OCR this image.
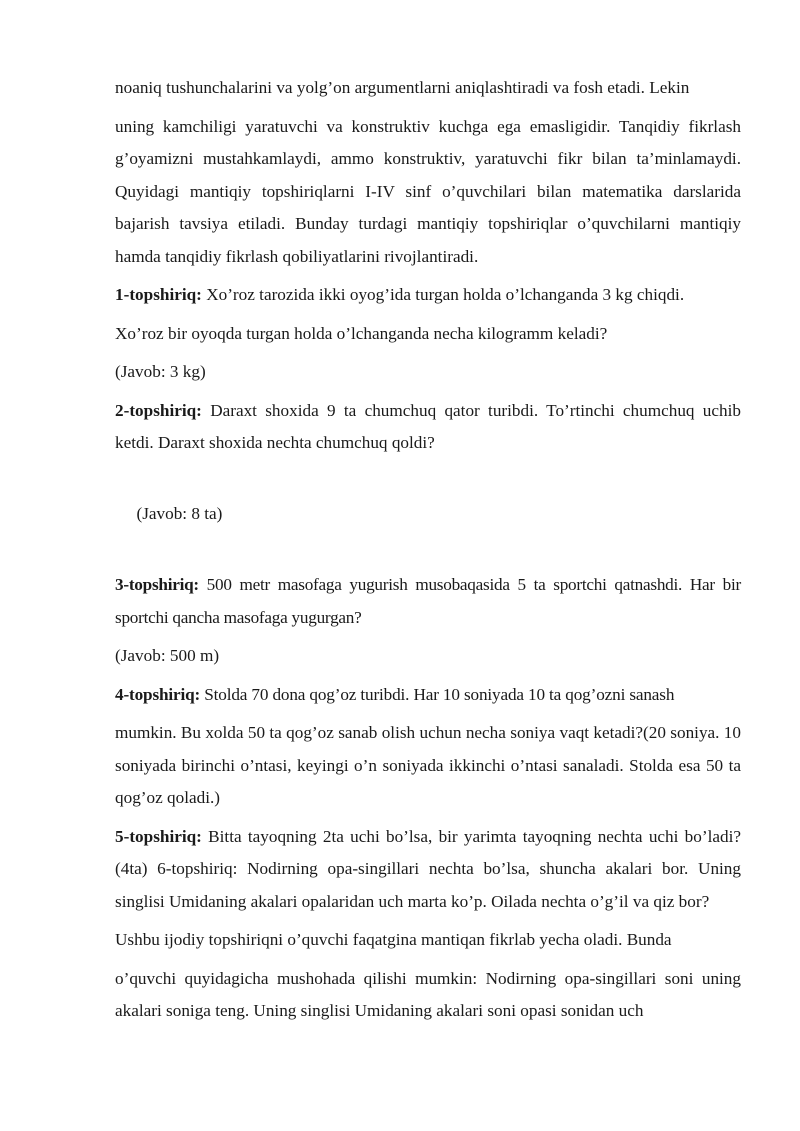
noaniq tushunchalarini va yolg’on argumentlarni aniqlashtiradi va fosh etadi. Lekin

uning kamchiligi yaratuvchi va konstruktiv kuchga ega emasligidir. Tanqidiy fikrlash g’oyamizni mustahkamlaydi, ammo konstruktiv, yaratuvchi fikr bilan ta’minlamaydi. Quyidagi mantiqiy topshiriqlarni I-IV sinf o’quvchilari bilan matematika darslarida bajarish tavsiya etiladi. Bunday turdagi mantiqiy topshiriqlar o’quvchilarni mantiqiy hamda tanqidiy fikrlash qobiliyatlarini rivojlantiradi.

1-topshiriq: Xo’roz tarozida ikki oyog’ida turgan holda o’lchanganda 3 kg chiqdi.

Xo’roz bir oyoqda turgan holda o’lchanganda necha kilogramm keladi?

(Javob: 3 kg)

2-topshiriq: Daraxt shoxida 9 ta chumchuq qator turibdi. To’rtinchi chumchuq uchib ketdi. Daraxt shoxida nechta chumchuq qoldi?

(Javob: 8 ta)

3-topshiriq: 500 metr masofaga yugurish musobaqasida 5 ta sportchi qatnashdi. Har bir sportchi qancha masofaga yugurgan?

(Javob: 500 m)

4-topshiriq: Stolda 70 dona qog’oz turibdi. Har 10 soniyada 10 ta qog’ozni sanash

mumkin. Bu xolda 50 ta qog’oz sanab olish uchun necha soniya vaqt ketadi?(20 soniya. 10 soniyada birinchi o’ntasi, keyingi o’n soniyada ikkinchi o’ntasi sanaladi. Stolda esa 50 ta qog’oz qoladi.)

5-topshiriq: Bitta tayoqning 2ta uchi bo’lsa, bir yarimta tayoqning nechta uchi bo’ladi? (4ta) 6-topshiriq: Nodirning opa-singillari nechta bo’lsa, shuncha akalari bor. Uning singlisi Umidaning akalari opalaridan uch marta ko’p. Oilada nechta o’g’il va qiz bor?

Ushbu ijodiy topshiriqni o’quvchi faqatgina mantiqan fikrlab yecha oladi. Bunda

o’quvchi quyidagicha mushohada qilishi mumkin: Nodirning opa-singillari soni uning akalari soniga teng. Uning singlisi Umidaning akalari soni opasi sonidan uch
